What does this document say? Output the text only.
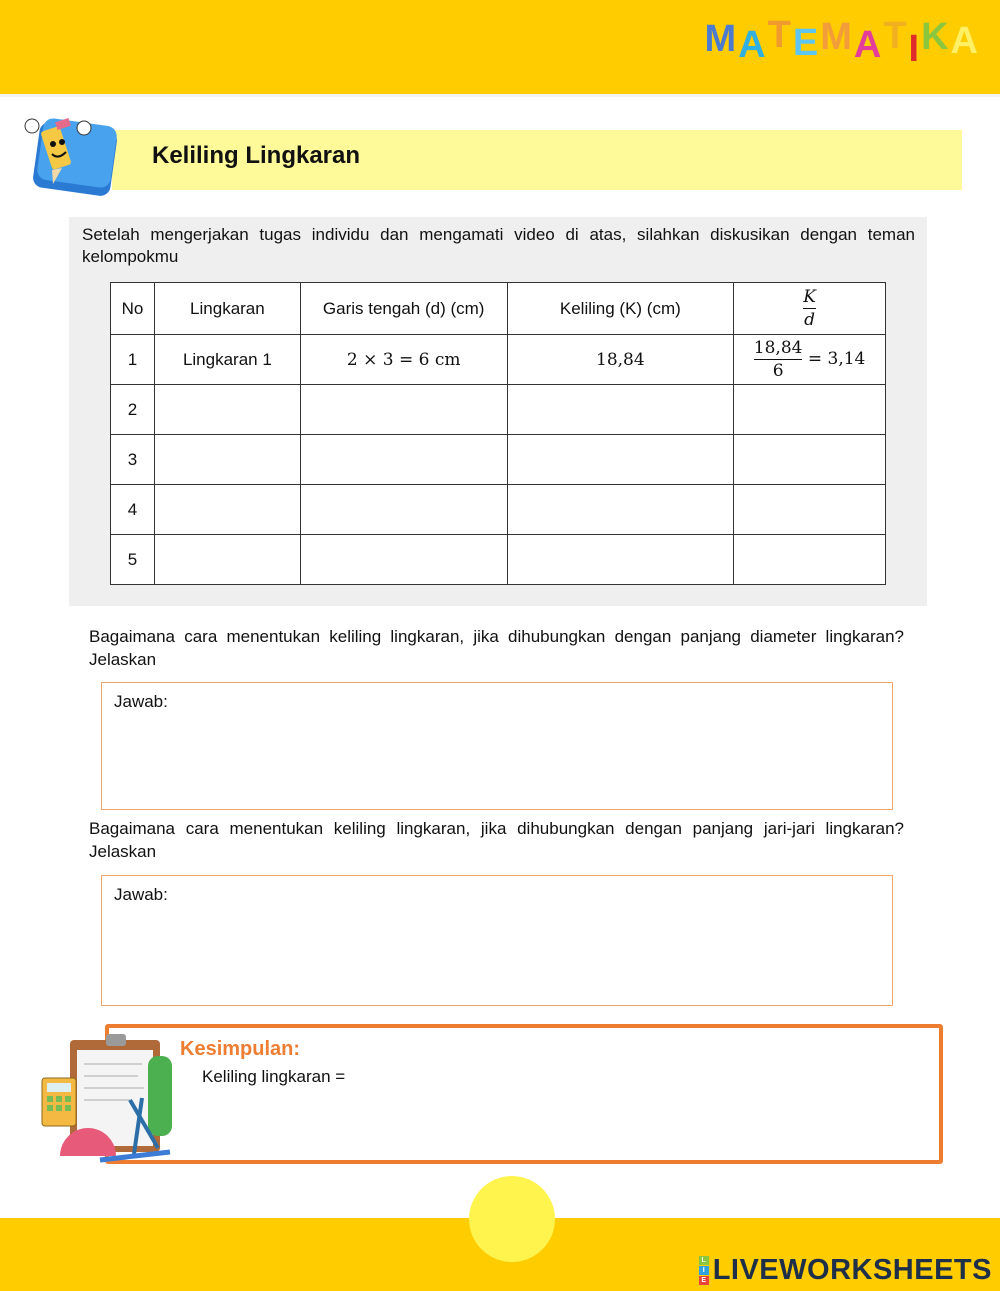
M A T E M A T I K A
Keliling Lingkaran
Setelah mengerjakan tugas individu dan mengamati video di atas, silahkan diskusikan dengan teman kelompokmu
No	Lingkaran	Garis tengah (d) (cm)	Keliling (K) (cm)	$\frac{K}{d}$

1	Lingkaran 1	2 × 3 = 6 cm	18,84	$\frac{18,84}{6} = 3,14$
2				
3				
4				
5				
Bagaimana cara menentukan keliling lingkaran, jika dihubungkan dengan panjang diameter lingkaran? Jelaskan
Jawab:
Bagaimana cara menentukan keliling lingkaran, jika dihubungkan dengan panjang jari-jari lingkaran? Jelaskan
Jawab:
Kesimpulan:
Keliling lingkaran =
L
I
E LIVEWORKSHEETS
